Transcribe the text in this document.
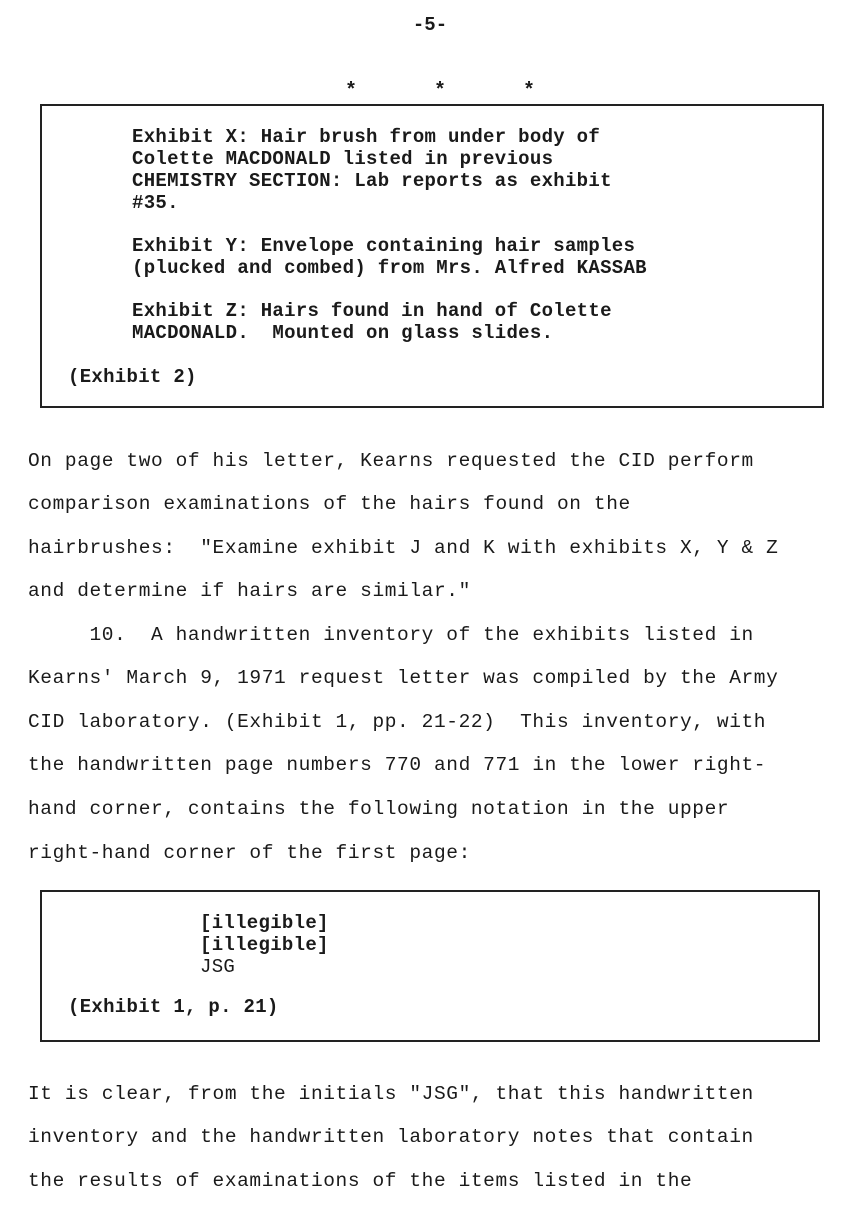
-5-
*	*	*
Exhibit X: Hair brush from under body of
Colette MACDONALD listed in previous
CHEMISTRY SECTION: Lab reports as exhibit
#35.
Exhibit Y: Envelope containing hair samples
(plucked and combed) from Mrs. Alfred KASSAB
Exhibit Z: Hairs found in hand of Colette
MACDONALD.  Mounted on glass slides.
(Exhibit 2)
On page two of his letter, Kearns requested the CID perform
comparison examinations of the hairs found on the
hairbrushes:  "Examine exhibit J and K with exhibits X, Y & Z
and determine if hairs are similar."
10.  A handwritten inventory of the exhibits listed in
Kearns' March 9, 1971 request letter was compiled by the Army
CID laboratory. (Exhibit 1, pp. 21-22)  This inventory, with
the handwritten page numbers 770 and 771 in the lower right-
hand corner, contains the following notation in the upper
right-hand corner of the first page:
[illegible]
[illegible]
JSG
(Exhibit 1, p. 21)
It is clear, from the initials "JSG", that this handwritten
inventory and the handwritten laboratory notes that contain
the results of examinations of the items listed in the
